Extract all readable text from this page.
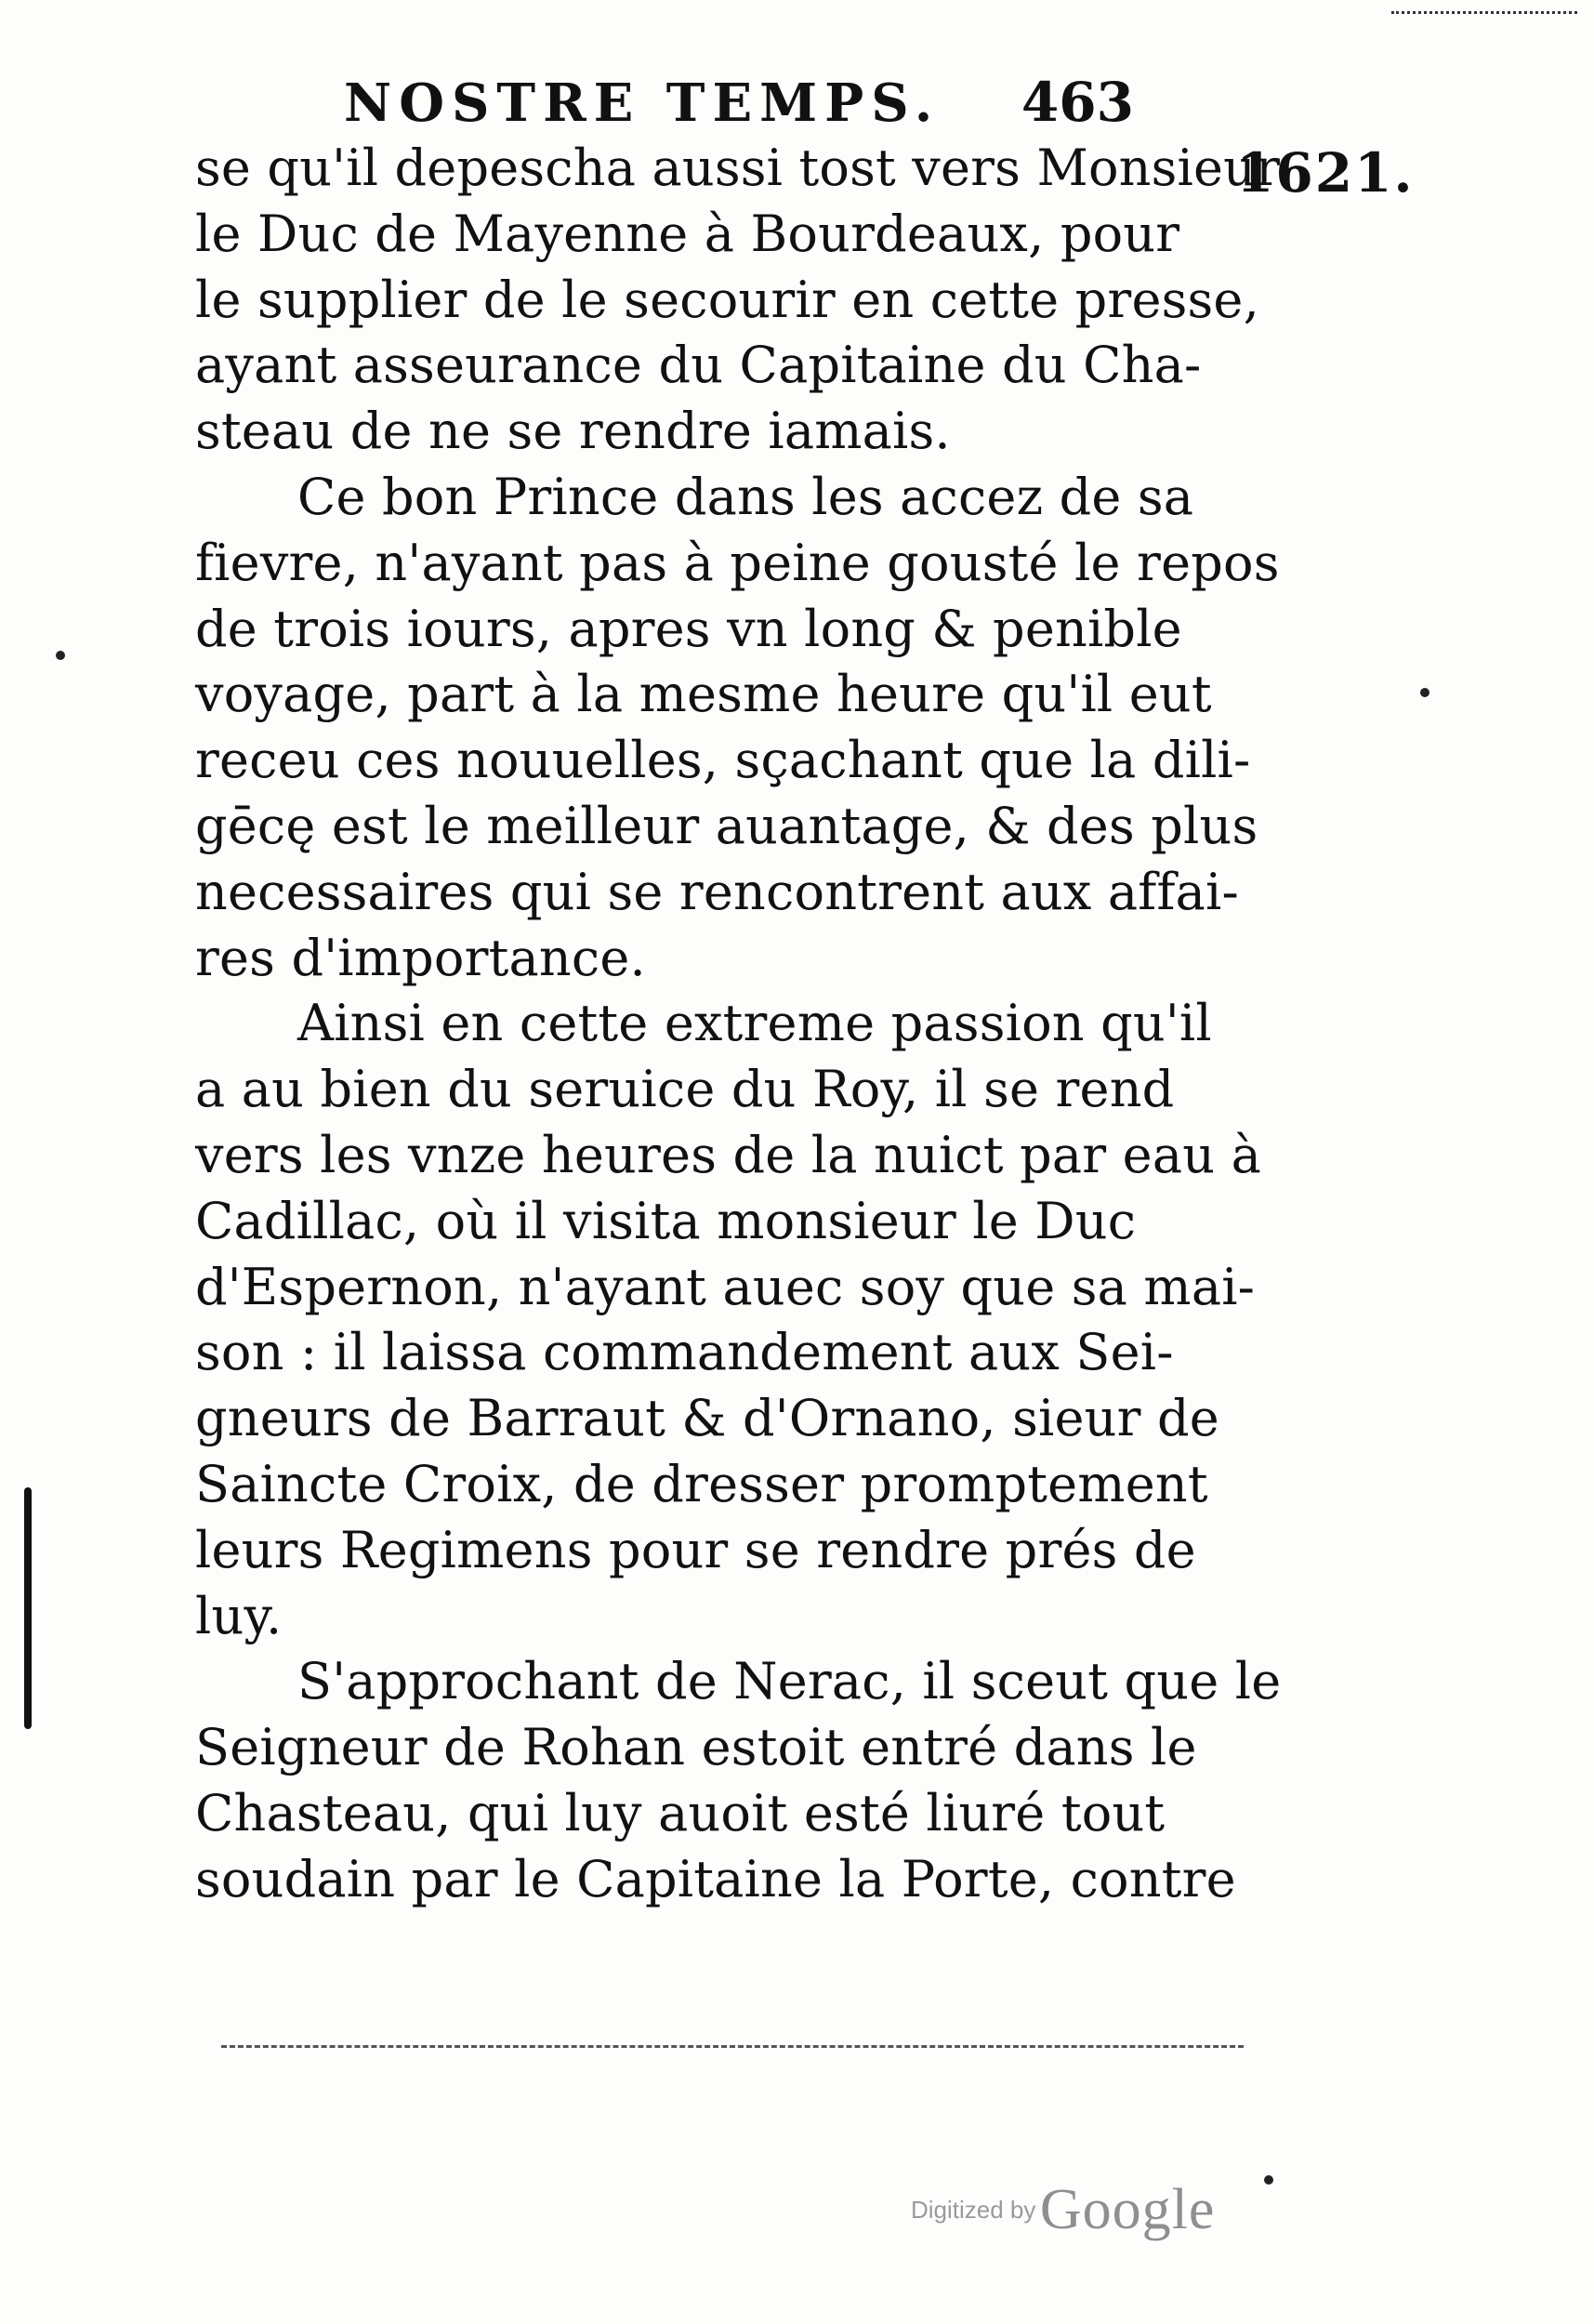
NOSTRE TEMPS. 463
1621.
se qu'il depescha aussi tost vers Monsieur
le Duc de Mayenne à Bourdeaux, pour
le supplier de le secourir en cette presse,
ayant asseurance du Capitaine du Cha-
steau de ne se rendre iamais.
Ce bon Prince dans les accez de sa
fievre, n'ayant pas à peine gousté le repos
de trois iours, apres vn long & penible
voyage, part à la mesme heure qu'il eut
receu ces nouuelles, sçachant que la dili-
gēcę est le meilleur auantage, & des plus
necessaires qui se rencontrent aux affai-
res d'importance.
Ainsi en cette extreme passion qu'il
a au bien du seruice du Roy, il se rend
vers les vnze heures de la nuict par eau à
Cadillac, où il visita monsieur le Duc
d'Espernon, n'ayant auec soy que sa mai-
son : il laissa commandement aux Sei-
gneurs de Barraut & d'Ornano, sieur de
Sainctе Croix, de dresser promptement
leurs Regimens pour se rendre prés de
luy.
S'approchant de Nerac, il sceut que le
Seigneur de Rohan estoit entré dans le
Chasteau, qui luy auoit esté liuré tout
soudain par le Capitaine la Porte, contre
Digitized by Google
